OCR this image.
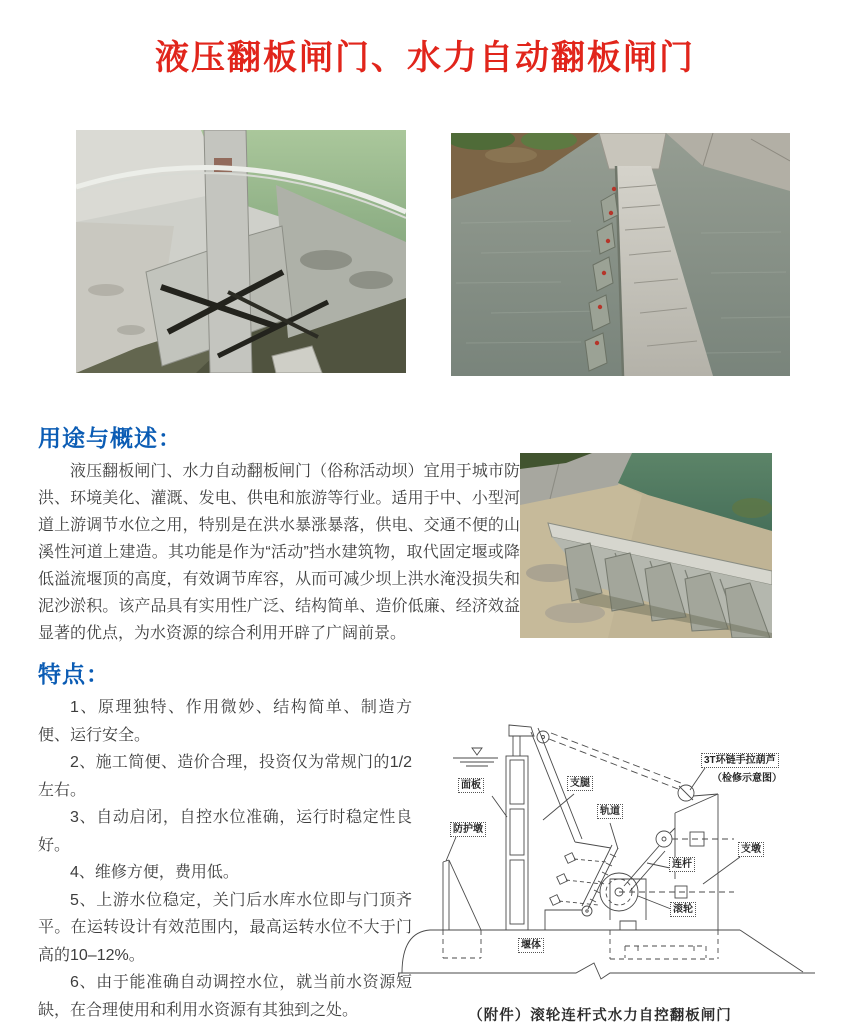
液压翻板闸门、水力自动翻板闸门
用途与概述：

液压翻板闸门、水力自动翻板闸门（俗称活动坝）宜用于城市防洪、环境美化、灌溉、发电、供电和旅游等行业。适用于中、小型河道上游调节水位之用，特别是在洪水暴涨暴落，供电、交通不便的山溪性河道上建造。其功能是作为“活动”挡水建筑物，取代固定堰或降低溢流堰顶的高度，有效调节库容，从而可减少坝上洪水淹没损失和泥沙淤积。该产品具有实用性广泛、结构简单、造价低廉、经济效益显著的优点，为水资源的综合利用开辟了广阔前景。

特点：

1、原理独特、作用微妙、结构简单、制造方便、运行安全。

2、施工简便、造价合理，投资仅为常规门的1/2左右。

3、自动启闭，自控水位准确，运行时稳定性良好。

4、维修方便，费用低。

5、上游水位稳定，关门后水库水位即与门顶齐平。在运转设计有效范围内，最高运转水位不大于门高的10–12%。

6、由于能准确自动调控水位，就当前水资源短缺，在合理使用和利用水资源有其独到之处。

面板
防护墩
支腿
轨道
3T环链手拉葫芦
（检修示意图）
支墩
连杆
滚轮
堰体
（附件）滚轮连杆式水力自控翻板闸门
